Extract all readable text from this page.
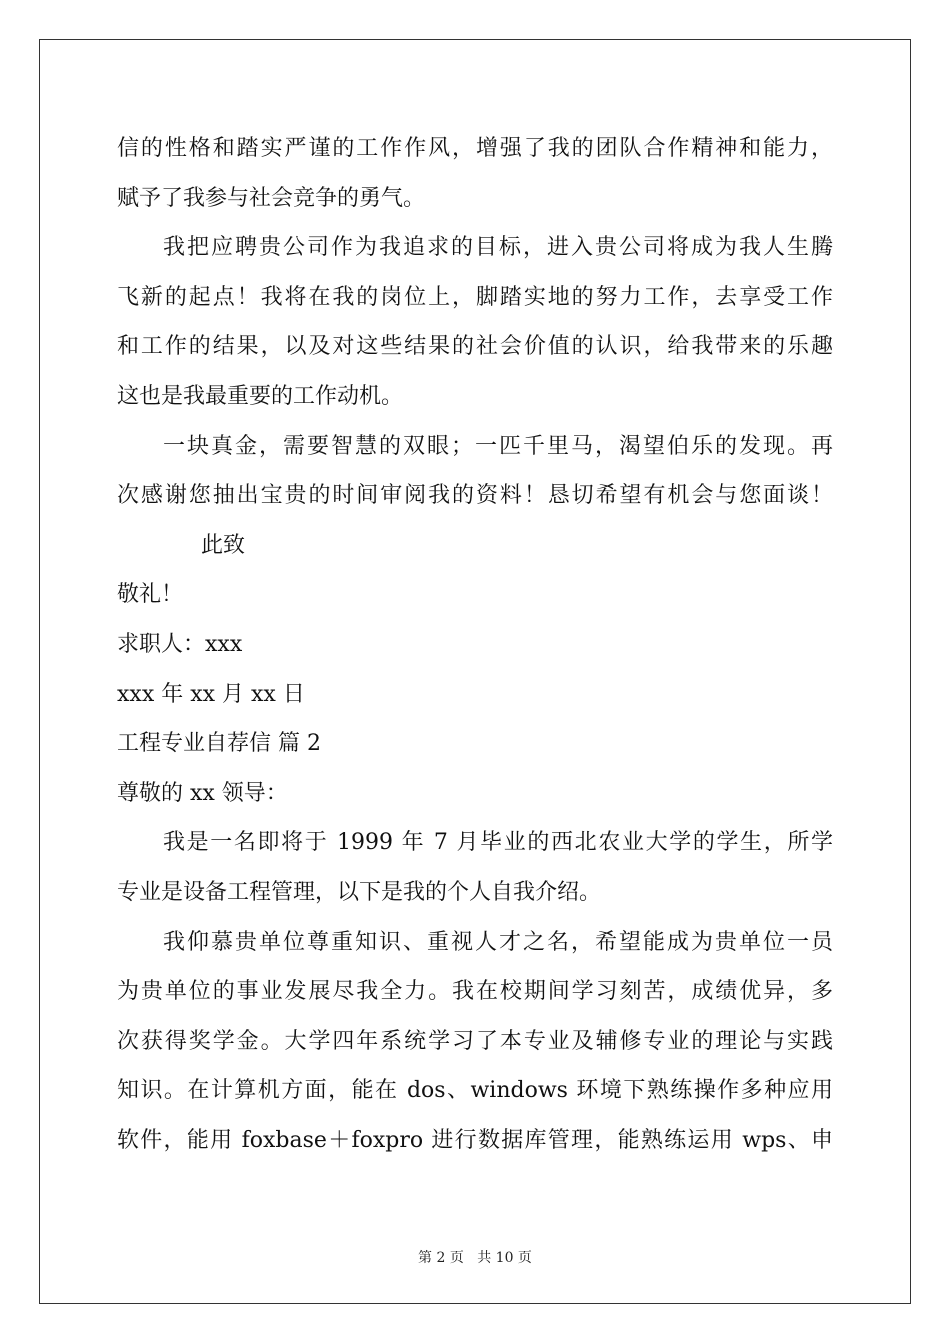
信的性格和踏实严谨的工作作风，增强了我的团队合作精神和能力，
赋予了我参与社会竞争的勇气。
我把应聘贵公司作为我追求的目标，进入贵公司将成为我人生腾
飞新的起点！我将在我的岗位上，脚踏实地的努力工作，去享受工作
和工作的结果，以及对这些结果的社会价值的认识，给我带来的乐趣
这也是我最重要的工作动机。
一块真金，需要智慧的双眼；一匹千里马，渴望伯乐的发现。再
次感谢您抽出宝贵的时间审阅我的资料！恳切希望有机会与您面谈！
此致
敬礼！
求职人：xxx
xxx 年 xx 月 xx 日
工程专业自荐信 篇 2
尊敬的 xx 领导：
我是一名即将于 1999 年 7 月毕业的西北农业大学的学生，所学
专业是设备工程管理，以下是我的个人自我介绍。
我仰慕贵单位尊重知识、重视人才之名，希望能成为贵单位一员
为贵单位的事业发展尽我全力。我在校期间学习刻苦，成绩优异，多
次获得奖学金。大学四年系统学习了本专业及辅修专业的理论与实践
知识。在计算机方面，能在 dos、windows 环境下熟练操作多种应用
软件，能用 foxbase＋foxpro 进行数据库管理，能熟练运用 wps、申
第 2 页 共 10 页
